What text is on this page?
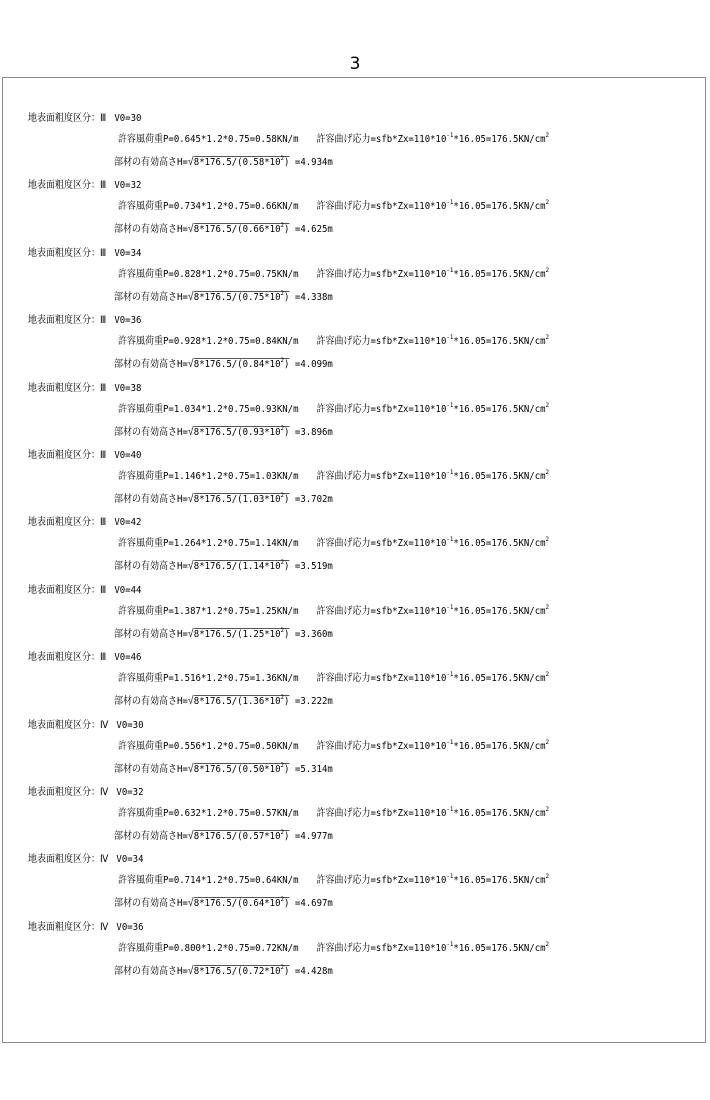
3
地表面粗度区分：Ⅲ V0=30
許容風荷重P=0.645*1.2*0.75=0.58KN/m 許容曲げ応力$=sfb*Zx=110*10^{-1}*16.05=176.5KN/cm^2$
部材の有効高さ$H=√8*176.5/(0.58*10^2) =4.934m$
地表面粗度区分：Ⅲ V0=32
許容風荷重P=0.734*1.2*0.75=0.66KN/m 許容曲げ応力$=sfb*Zx=110*10^{-1}*16.05=176.5KN/cm^2$
部材の有効高さ$H=√8*176.5/(0.66*10^2) =4.625m$
地表面粗度区分：Ⅲ V0=34
許容風荷重P=0.828*1.2*0.75=0.75KN/m 許容曲げ応力$=sfb*Zx=110*10^{-1}*16.05=176.5KN/cm^2$
部材の有効高さ$H=√8*176.5/(0.75*10^2) =4.338m$
地表面粗度区分：Ⅲ V0=36
許容風荷重P=0.928*1.2*0.75=0.84KN/m 許容曲げ応力$=sfb*Zx=110*10^{-1}*16.05=176.5KN/cm^2$
部材の有効高さ$H=√8*176.5/(0.84*10^2) =4.099m$
地表面粗度区分：Ⅲ V0=38
許容風荷重P=1.034*1.2*0.75=0.93KN/m 許容曲げ応力$=sfb*Zx=110*10^{-1}*16.05=176.5KN/cm^2$
部材の有効高さ$H=√8*176.5/(0.93*10^2) =3.896m$
地表面粗度区分：Ⅲ V0=40
許容風荷重P=1.146*1.2*0.75=1.03KN/m 許容曲げ応力$=sfb*Zx=110*10^{-1}*16.05=176.5KN/cm^2$
部材の有効高さ$H=√8*176.5/(1.03*10^2) =3.702m$
地表面粗度区分：Ⅲ V0=42
許容風荷重P=1.264*1.2*0.75=1.14KN/m 許容曲げ応力$=sfb*Zx=110*10^{-1}*16.05=176.5KN/cm^2$
部材の有効高さ$H=√8*176.5/(1.14*10^2) =3.519m$
地表面粗度区分：Ⅲ V0=44
許容風荷重P=1.387*1.2*0.75=1.25KN/m 許容曲げ応力$=sfb*Zx=110*10^{-1}*16.05=176.5KN/cm^2$
部材の有効高さ$H=√8*176.5/(1.25*10^2) =3.360m$
地表面粗度区分：Ⅲ V0=46
許容風荷重P=1.516*1.2*0.75=1.36KN/m 許容曲げ応力$=sfb*Zx=110*10^{-1}*16.05=176.5KN/cm^2$
部材の有効高さ$H=√8*176.5/(1.36*10^2) =3.222m$
地表面粗度区分：Ⅳ V0=30
許容風荷重P=0.556*1.2*0.75=0.50KN/m 許容曲げ応力$=sfb*Zx=110*10^{-1}*16.05=176.5KN/cm^2$
部材の有効高さ$H=√8*176.5/(0.50*10^2) =5.314m$
地表面粗度区分：Ⅳ V0=32
許容風荷重P=0.632*1.2*0.75=0.57KN/m 許容曲げ応力$=sfb*Zx=110*10^{-1}*16.05=176.5KN/cm^2$
部材の有効高さ$H=√8*176.5/(0.57*10^2) =4.977m$
地表面粗度区分：Ⅳ V0=34
許容風荷重P=0.714*1.2*0.75=0.64KN/m 許容曲げ応力$=sfb*Zx=110*10^{-1}*16.05=176.5KN/cm^2$
部材の有効高さ$H=√8*176.5/(0.64*10^2) =4.697m$
地表面粗度区分：Ⅳ V0=36
許容風荷重P=0.800*1.2*0.75=0.72KN/m 許容曲げ応力$=sfb*Zx=110*10^{-1}*16.05=176.5KN/cm^2$
部材の有効高さ$H=√8*176.5/(0.72*10^2) =4.428m$
